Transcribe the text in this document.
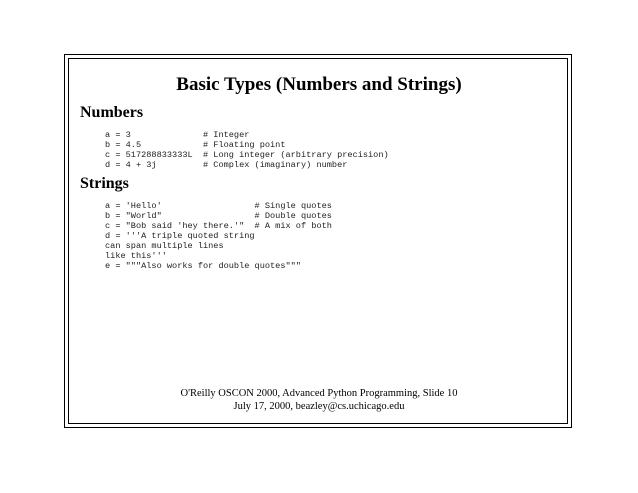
Basic Types (Numbers and Strings)
Numbers
a = 3              # Integer
b = 4.5            # Floating point
c = 517288833333L  # Long integer (arbitrary precision)
d = 4 + 3j         # Complex (imaginary) number
Strings
a = 'Hello'                  # Single quotes
b = "World"                  # Double quotes
c = "Bob said 'hey there.'"  # A mix of both
d = '''A triple quoted string
can span multiple lines
like this'''
e = """Also works for double quotes"""
O'Reilly OSCON 2000, Advanced Python Programming, Slide 10
July 17, 2000, beazley@cs.uchicago.edu
